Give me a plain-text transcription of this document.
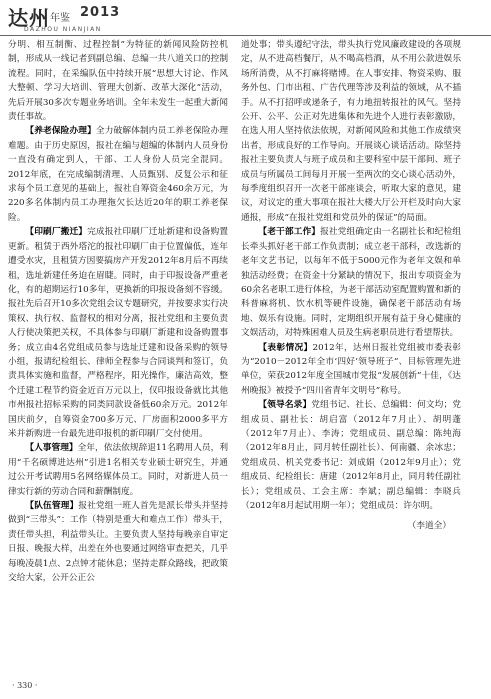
达州 年鉴 2013
DAZHOU NIANJIAN

分明、相互制衡、过程控制”为特征的新闻风险防控机制，形成从一线记者到副总编、总编一共八道关口的控制流程。同时，在采编队伍中持续开展“思想大讨论、作风大整顿、学习大培训、管理大创新、改革大深化”活动，先后开展30多次专题业务培训。全年未发生一起重大新闻责任事故。

【养老保险办理】全力破解体制内员工养老保险办理难题。由于历史原因，报社在编与超编的体制内人员身份一直没有确定到人，干部、工人身份人员完全混同。2012年底，在完成编制清理、人员甄别、反复公示和征求每个员工意见的基础上，报社自筹资金460余万元，为220多名体制内员工办理拖欠长达近20年的职工养老保险。

【印刷厂搬迁】完成报社印刷厂迁址新建和设备购置更新。租赁于西外塔沱的报社印刷厂由于位置偏低，连年遭受水灾，且租赁方因要搞房产开发2012年8月后不再续租，选址新建任务迫在眉睫。同时，由于印报设备严重老化，有的超期运行10多年，更换新的印报设备刻不容缓。报社先后召开10多次党组会议专题研究，并按要求实行决策权、执行权、监督权的相对分离，报社党组和主要负责人行使决策把关权，不具体参与印刷厂新建和设备购置事务；成立由4名党组成员参与选址迁建和设备采购的领导小组，报请纪检组长、律师全程参与合同谈判和签订，负责具体实施和监督，严格程序，阳光操作，廉洁高效，整个迁建工程节约资金近百万元以上，仅印报设备就比其他市州报社招标采购的同类同款设备低60余万元。2012年国庆前夕，自筹资金700多万元、厂房面积2000多平方米并新购进一台最先进印报机的新印刷厂交付使用。

【人事管理】全年，依法依规辞退11名聘用人员，利用“千名硕博进达州”引进1名相关专业硕士研究生，并通过公开考试聘用5名网络媒体员工。同时，对新进人员一律实行新的劳动合同和薪酬制度。

【队伍管理】报社党组一班人首先是派长带头并坚持做到“三带头”：工作（特别是重大和难点工作）带头干，责任带头担，利益带头让。主要负责人坚持每晚亲自审定日报、晚报大样，出差在外也要通过网络审查把关，几乎每晚凌晨1点、2点钟才能休息；坚持走群众路线，把政策交给大家，公开公正公

道处事；带头遵纪守法，带头执行党风廉政建设的各项规定，从不进高档餐厅，从不喝高档酒，从不用公款进娱乐场所消费，从不打麻将赌博。在人事安排、物资采购、服务外包、门市出租、广告代理等涉及利益的领域，从不插手。从不打招呼或递条子，有力地扭转报社的风气。坚持公开、公平、公正对先进集体和先进个人进行表彰激励，在选人用人坚持依法依规，对新闻风险和其他工作成绩突出者，形成良好的工作导向。开展谈心谈话活动。除坚持报社主要负责人与班子成员和主要科室中层干部间、班子成员与所属员工间每月开展一至两次的交心谈心活动外，每季度组织召开一次老干部座谈会，听取大家的意见，建议，对议定的重大事项在报社大楼大厅公开栏及时向大家通报，形成“在报社党组和党员外的保证”的局面。

【老干部工作】报社党组确定由一名副社长和纪检组长牵头抓好老干部工作负责制；成立老干部科，改选新的老年文艺书记，以每年不低于5000元作为老年文娱和单独活动经费；在资金十分紧缺的情况下，报出专项资金为60余名老职工进行体检，为老干部活动室配置购置和新的科普麻将机、饮水机等硬件设施，确保老干部活动有场地、娱乐有设施。同时，定期组织开展有益于身心健康的文娱活动，对特殊困难人员及生病老职员进行看望帮扶。

【表彰情况】2012年，达州日报社党组被市委表彰为“2010－2012年全市‘四好’领导班子”、目标管理先进单位，荣获2012年度全国城市党报“发展创新”十佳，《达州晚报》被授予“四川省青年文明号”称号。

【领导名录】党组书记、社长、总编辑：何文均；党组成员、副社长：胡启富（2012年7月止）、胡明蓬（2012年7月止）、李涛；党组成员、副总编：陈纯海（2012年8月止，同月转任副社长）、何南疆、余冰忠；党组成员、机关党委书记：刘成娟（2012年9月止）；党组成员、纪检组长：唐建（2012年8月止，同月转任副社长）；党组成员、工会主席：李斌；副总编辑：李晓兵（2012年8月起试用期一年）；党组成员：许尔明。

（李道全）

· 330 ·
